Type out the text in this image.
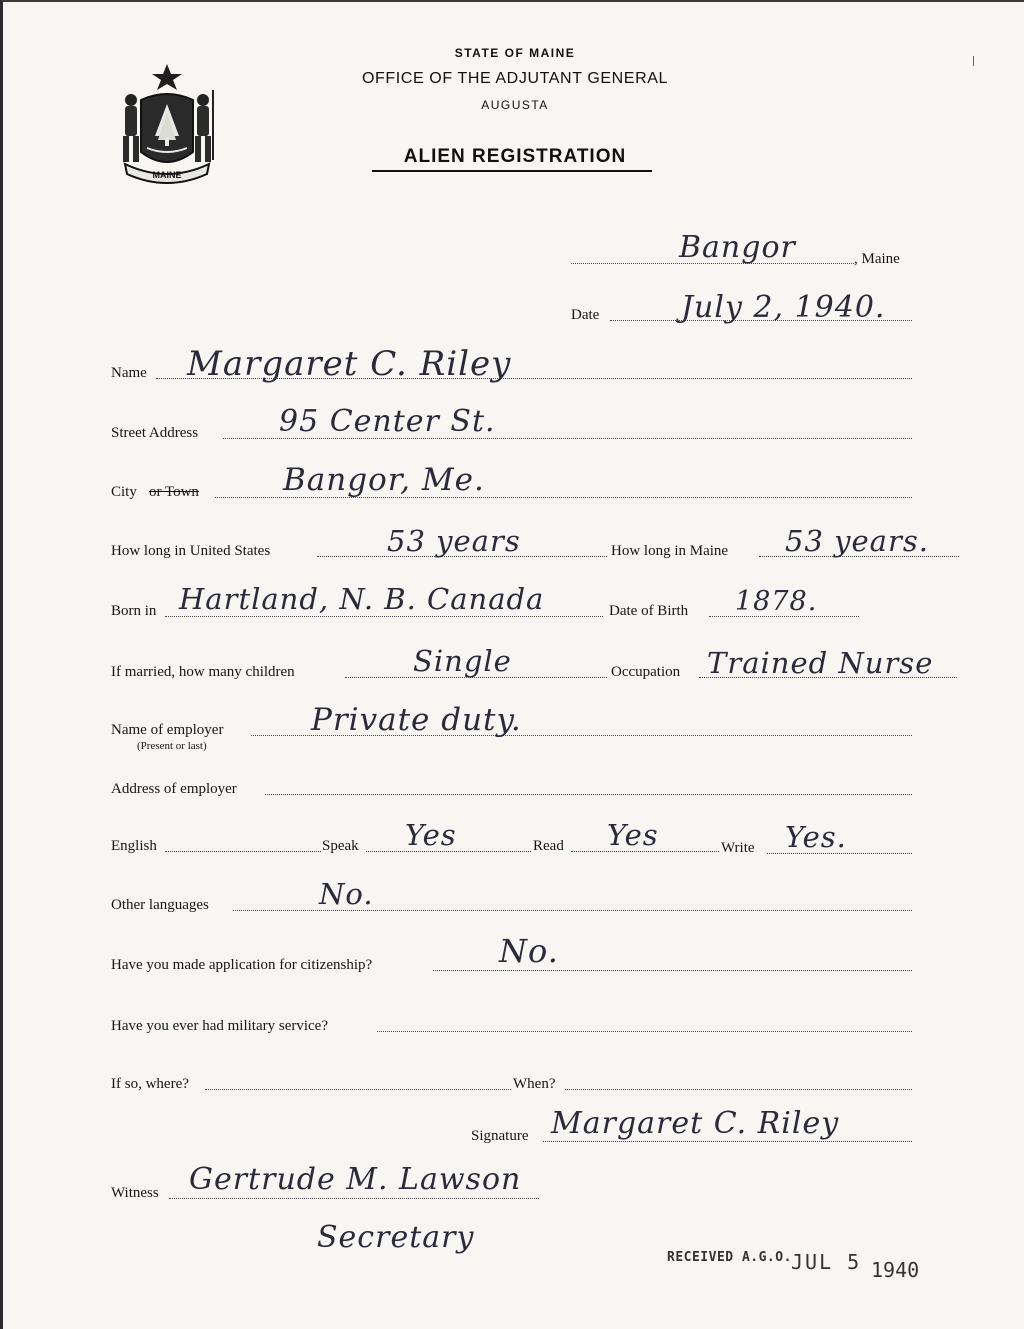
MAINE
STATE OF MAINE
OFFICE OF THE ADJUTANT GENERAL
AUGUSTA
ALIEN REGISTRATION
Bangor	, Maine
Date	July 2, 1940.
Name Margaret C. Riley
Street Address	95 Center St.
City or Town	Bangor, Me.
How long in United States	53 years	How long in Maine 53 years.
Born in Hartland, N. B. Canada	Date of Birth 1878.
If married, how many children	Single	Occupation Trained Nurse
Name of employer
(Present or last)
Private duty.
Address of employer
English	Speak Yes	Read Yes	Write Yes.
Other languages	No.
Have you made application for citizenship?	No.
Have you ever had military service?
If so, where?	When?
Signature Margaret C. Riley
Witness Gertrude M. Lawson
Secretary
RECEIVED A.G.O. JUL 5 1940
